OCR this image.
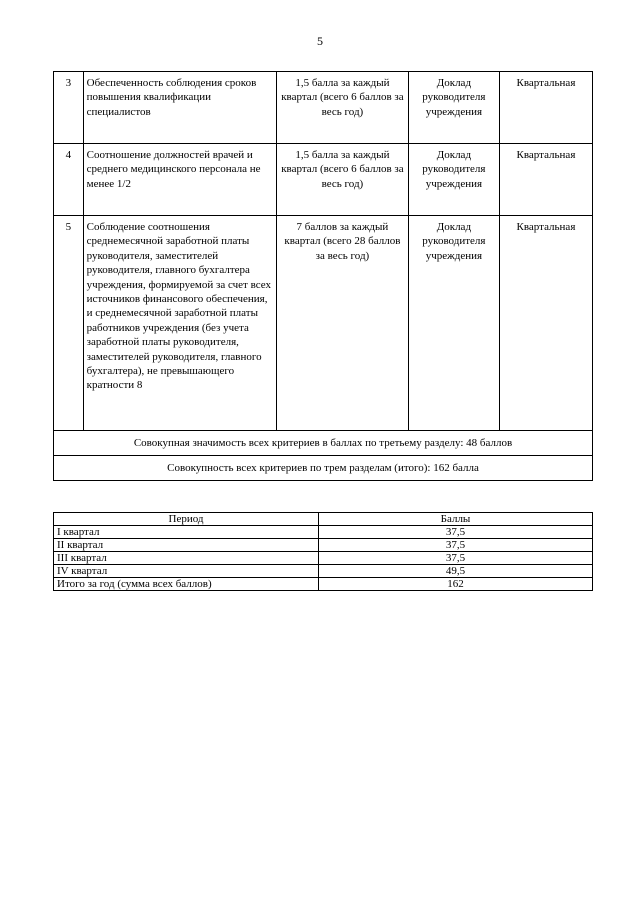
5
3	Обеспеченность соблюдения сроков повышения квалификации специалистов	1,5 балла за каждый квартал (всего 6 баллов за весь год)	Доклад руководителя учреждения	Квартальная
4	Соотношение должностей врачей и среднего медицинского персонала не менее 1/2	1,5 балла за каждый квартал (всего 6 баллов за весь год)	Доклад руководителя учреждения	Квартальная
5	Соблюдение соотношения среднемесячной заработной платы руководителя, заместителей руководителя, главного бухгалтера учреждения, формируемой за счет всех источников финансового обеспечения, и среднемесячной заработной платы работников учреждения (без учета заработной платы руководителя, заместителей руководителя, главного бухгалтера), не превышающего кратности 8	7 баллов за каждый квартал (всего 28 баллов за весь год)	Доклад руководителя учреждения	Квартальная
Совокупная значимость всех критериев в баллах по третьему разделу: 48 баллов				
Совокупность всех критериев по трем разделам (итого): 162 балла				
Период	Баллы
I квартал	37,5
II квартал	37,5
III квартал	37,5
IV квартал	49,5
Итого за год (сумма всех баллов)	162
